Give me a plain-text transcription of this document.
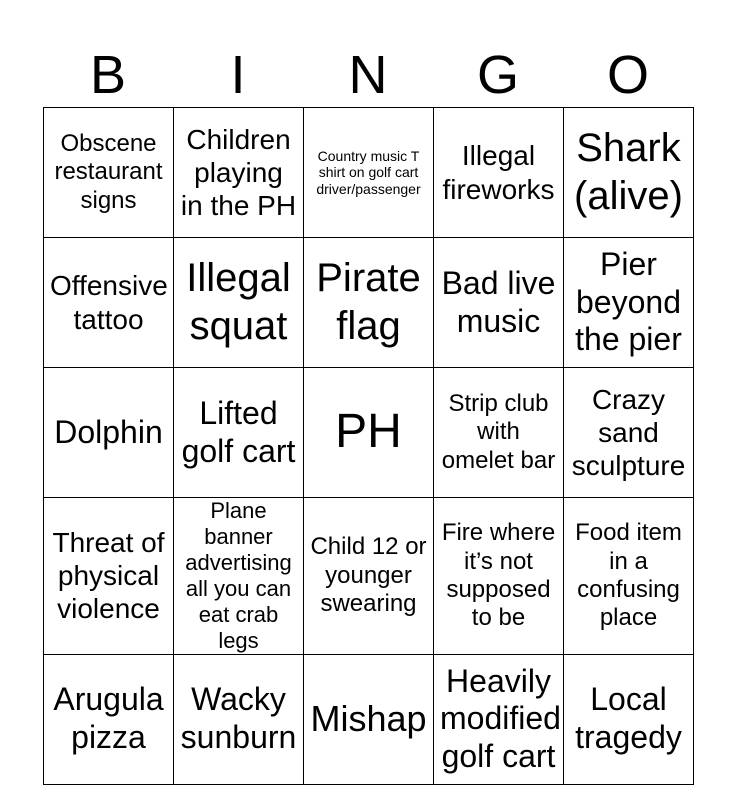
B	I	N	G	O
Obscene restaurant signs	Children playing in the PH	Country music T shirt on golf cart driver/passenger	Illegal fireworks	Shark (alive)
Offensive tattoo	Illegal squat	Pirate flag	Bad live music	Pier beyond the pier
Dolphin	Lifted golf cart	PH	Strip club with omelet bar	Crazy sand sculpture
Threat of physical violence	Plane banner advertising all you can eat crab legs	Child 12 or younger swearing	Fire where it’s not supposed to be	Food item in a confusing place
Arugula pizza	Wacky sunburn	Mishap	Heavily modified golf cart	Local tragedy
